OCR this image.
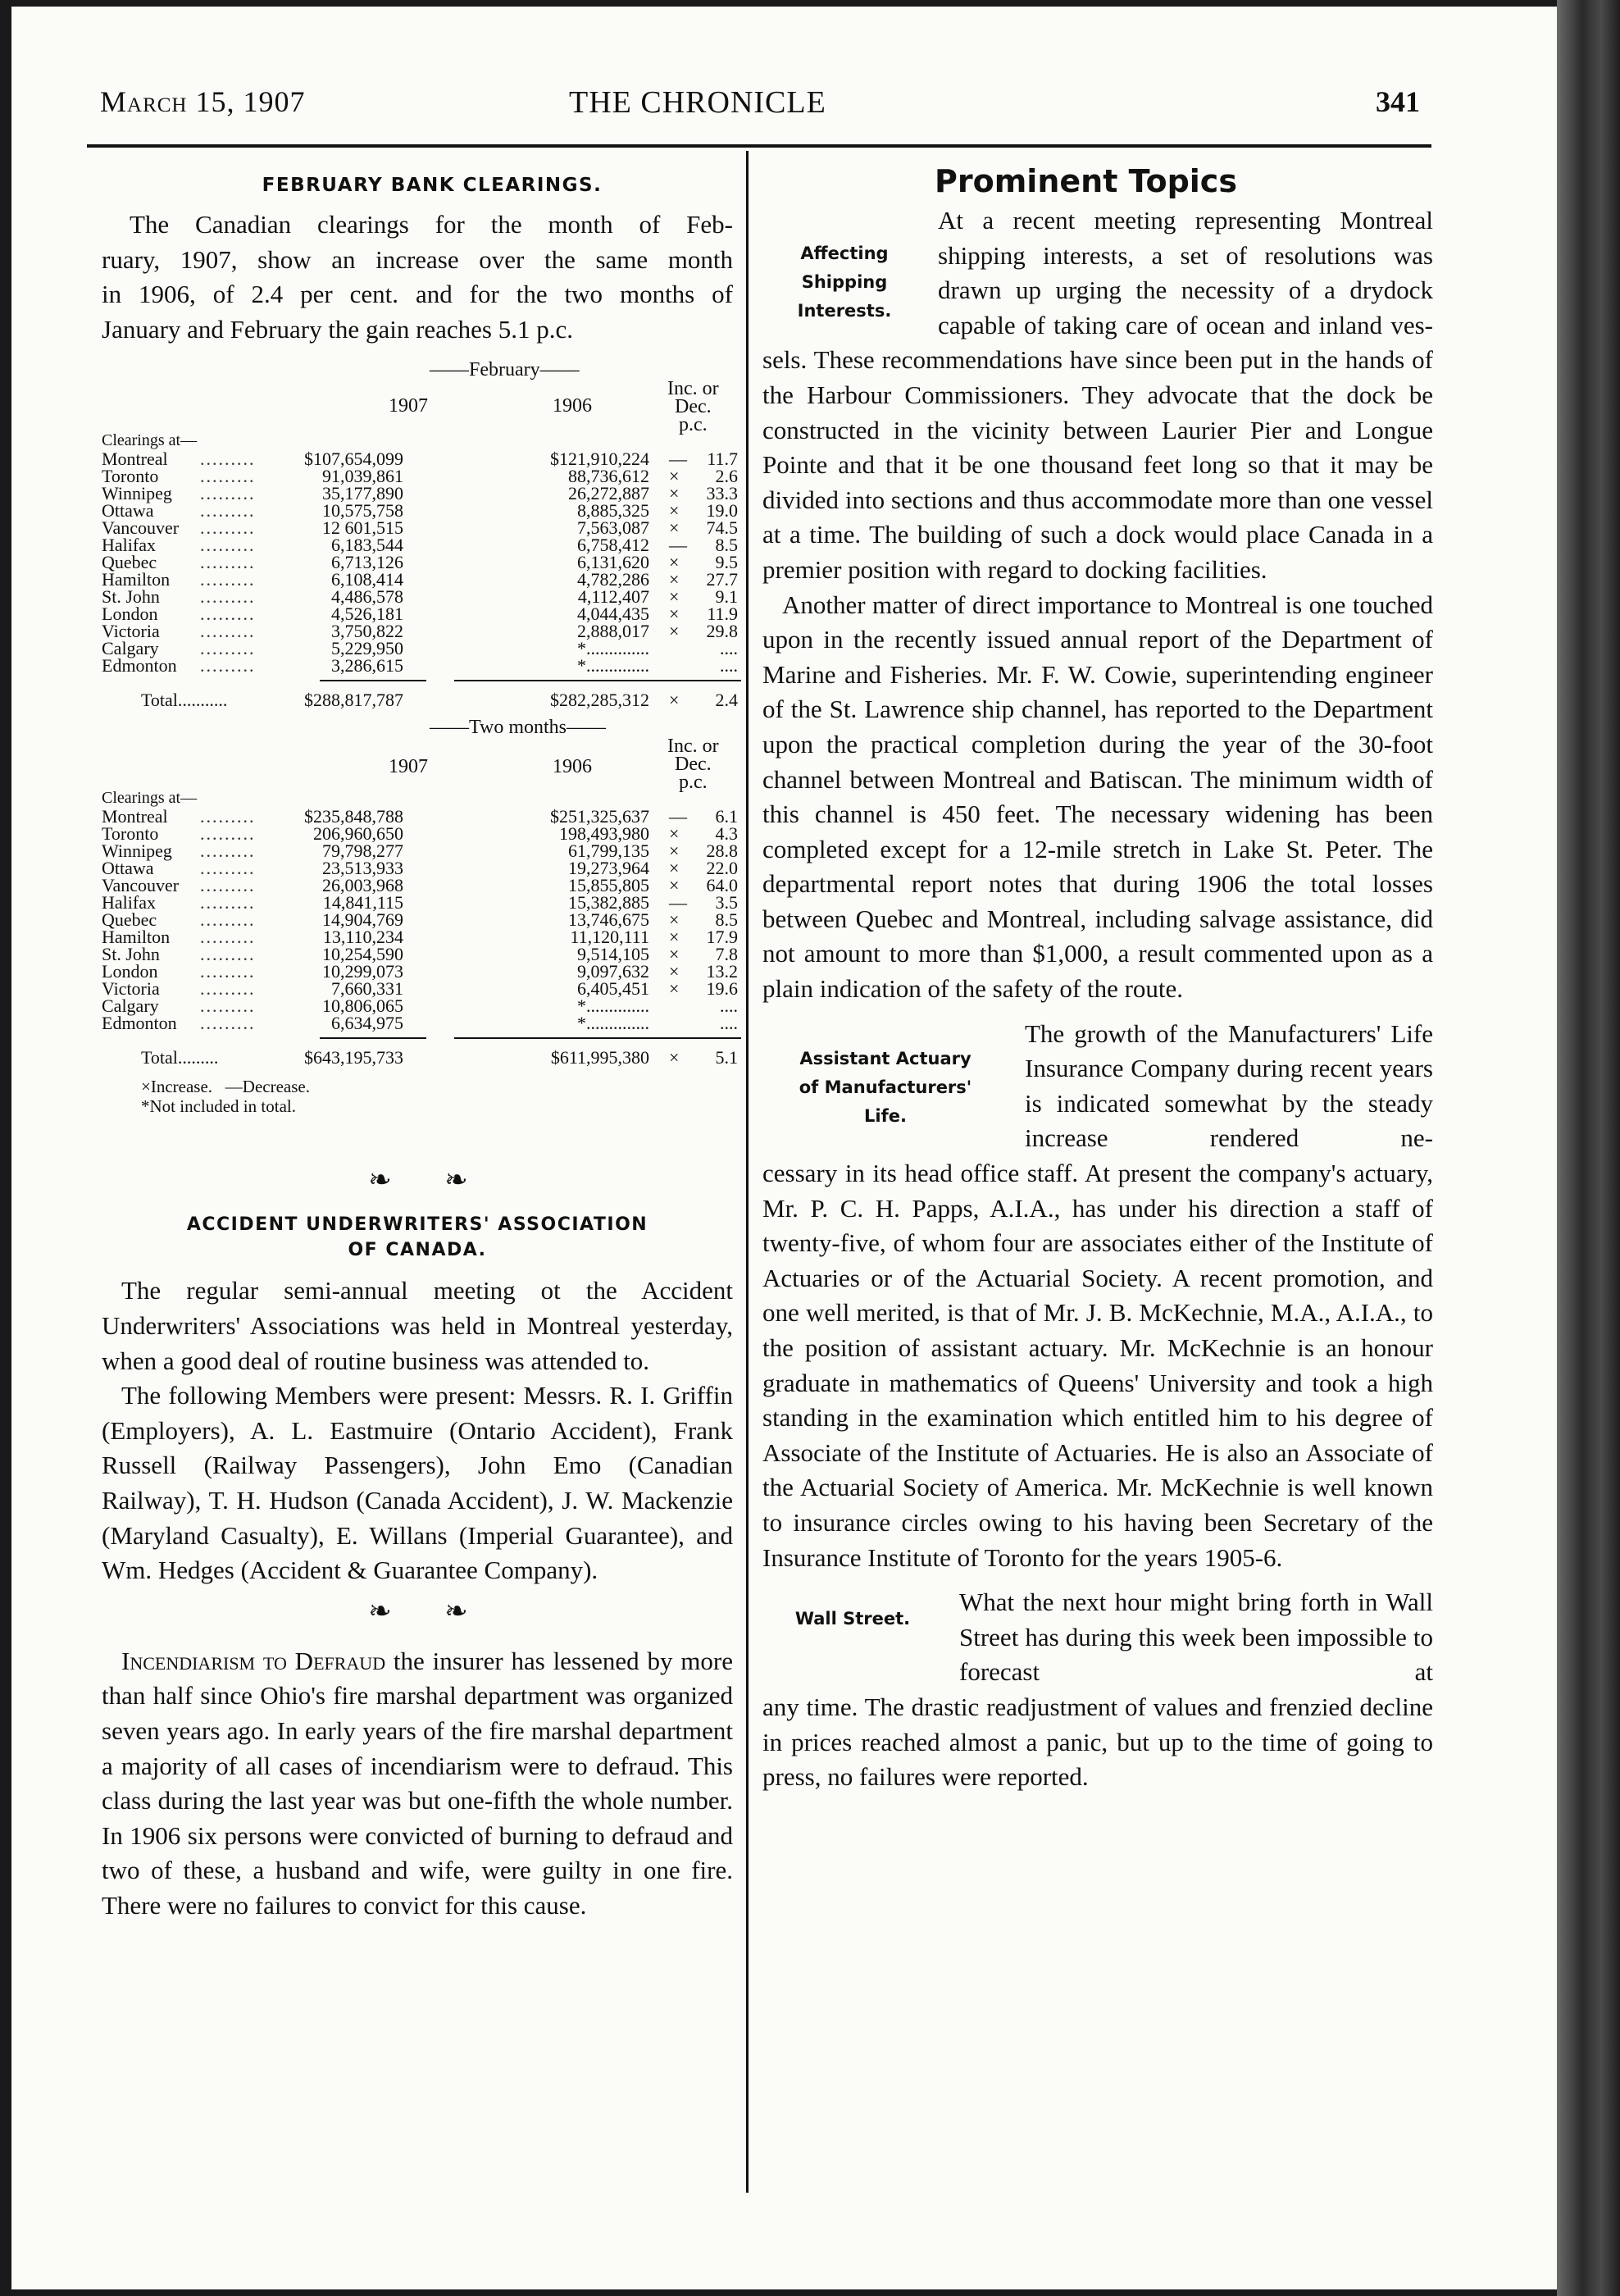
March 15, 1907	THE CHRONICLE	341

FEBRUARY BANK CLEARINGS.

The Canadian clearings for the month of Feb-
ruary, 1907, show an increase over the same month
in 1906, of 2.4 per cent. and for the two months of
January and February the gain reaches 5.1 p.c.
——February——
Inc. or
Dec.
p.c.
1907	1906
Clearings at—
Montreal .........	$107,654,099	$121,910,224 — 11.7
Toronto .........	91,039,861	88,736,612 × 2.6
Winnipeg .........	35,177,890	26,272,887 × 33.3
Ottawa	.........	10,575,758	8,885,325 × 19.0
Vancouver .........	12 601,515	7,563,087 × 74.5
Halifax .........	6,183,544	6,758,412 — 8.5
Quebec .........	6,713,126	6,131,620 × 9.5
Hamilton .........	6,108,414	4,782,286 × 27.7
St. John .........	4,486,578	4,112,407 × 9.1
London .........	4,526,181	4,044,435 × 11.9
Victoria .........	3,750,822	2,888,017 × 29.8
Calgary .........	5,229,950	*..............	....
Edmonton .........	3,286,615	*..............	....
Total...........	$288,817,787	$282,285,312 × 2.4
——Two months——
Inc. or
Dec.
p.c.
1907	1906
Clearings at—
Montreal .........	$235,848,788	$251,325,637 — 6.1
Toronto .........	206,960,650	198,493,980 × 4.3
Winnipeg .........	79,798,277	61,799,135 × 28.8
Ottawa	.........	23,513,933	19,273,964 × 22.0
Vancouver .........	26,003,968	15,855,805 × 64.0
Halifax .........	14,841,115	15,382,885 — 3.5
Quebec .........	14,904,769	13,746,675 × 8.5
Hamilton .........	13,110,234	11,120,111 × 17.9
St. John .........	10,254,590	9,514,105 × 7.8
London .........	10,299,073	9,097,632 × 13.2
Victoria .........	7,660,331	6,405,451 × 19.6
Calgary .........	10,806,065	*..............	....
Edmonton .........	6,634,975	*..............	....
Total.........	$643,195,733	$611,995,380 × 5.1
×Increase.   —Decrease.
*Not included in total.
❧ ❧

ACCIDENT UNDERWRITERS' ASSOCIATION

OF CANADA.

The regular semi-annual meeting ot the Accident Underwriters' Associations was held in Montreal yesterday, when a good deal of routine business was attended to.

The following Members were present: Messrs. R. I. Griffin (Employers), A. L. Eastmuire (Ontario Accident), Frank Russell (Railway Passengers), John Emo (Canadian Railway), T. H. Hudson (Canada Accident), J. W. Mackenzie (Maryland Casualty), E. Willans (Imperial Guarantee), and Wm. Hedges (Accident & Guarantee Company).

❧ ❧

Incendiarism to Defraud the insurer has lessened by more than half since Ohio's fire marshal department was organized seven years ago. In early years of the fire marshal department a majority of all cases of incendiarism were to defraud. This class during the last year was but one-fifth the whole number. In 1906 six persons were convicted of burning to defraud and two of these, a husband and wife, were guilty in one fire. There were no failures to convict for this cause.

Prominent Topics

Affecting

Shipping

Interests.

At a recent meeting representing Montreal shipping interests, a set of resolutions was drawn up urging the necessity of a drydock capable of taking care of ocean and inland ves-

sels. These recommendations have since been put in the hands of the Harbour Commissioners. They advocate that the dock be constructed in the vicinity between Laurier Pier and Longue Pointe and that it be one thousand feet long so that it may be divided into sections and thus accommodate more than one vessel at a time. The building of such a dock would place Canada in a premier position with regard to docking facilities.

Another matter of direct importance to Montreal is one touched upon in the recently issued annual report of the Department of Marine and Fisheries. Mr. F. W. Cowie, superintending engineer of the St. Lawrence ship channel, has reported to the Department upon the practical completion during the year of the 30-foot channel between Montreal and Batiscan. The minimum width of this channel is 450 feet. The necessary widening has been completed except for a 12-mile stretch in Lake St. Peter. The departmental report notes that during 1906 the total losses between Quebec and Montreal, including salvage assistance, did not amount to more than $1,000, a result commented upon as a plain indication of the safety of the route.

Assistant Actuary

of Manufacturers'

Life.

The growth of the Manufacturers' Life Insurance Company during recent years is indicated somewhat by the steady increase rendered ne-

cessary in its head office staff. At present the company's actuary, Mr. P. C. H. Papps, A.I.A., has under his direction a staff of twenty-five, of whom four are associates either of the Institute of Actuaries or of the Actuarial Society. A recent promotion, and one well merited, is that of Mr. J. B. McKechnie, M.A., A.I.A., to the position of assistant actuary. Mr. McKechnie is an honour graduate in mathematics of Queens' University and took a high standing in the examination which entitled him to his degree of Associate of the Institute of Actuaries. He is also an Associate of the Actuarial Society of America. Mr. McKechnie is well known to insurance circles owing to his having been Secretary of the Insurance Institute of Toronto for the years 1905-6.

Wall Street.

What the next hour might bring forth in Wall Street has during this week been impossible to forecast at

any time. The drastic readjustment of values and frenzied decline in prices reached almost a panic, but up to the time of going to press, no failures were reported.
